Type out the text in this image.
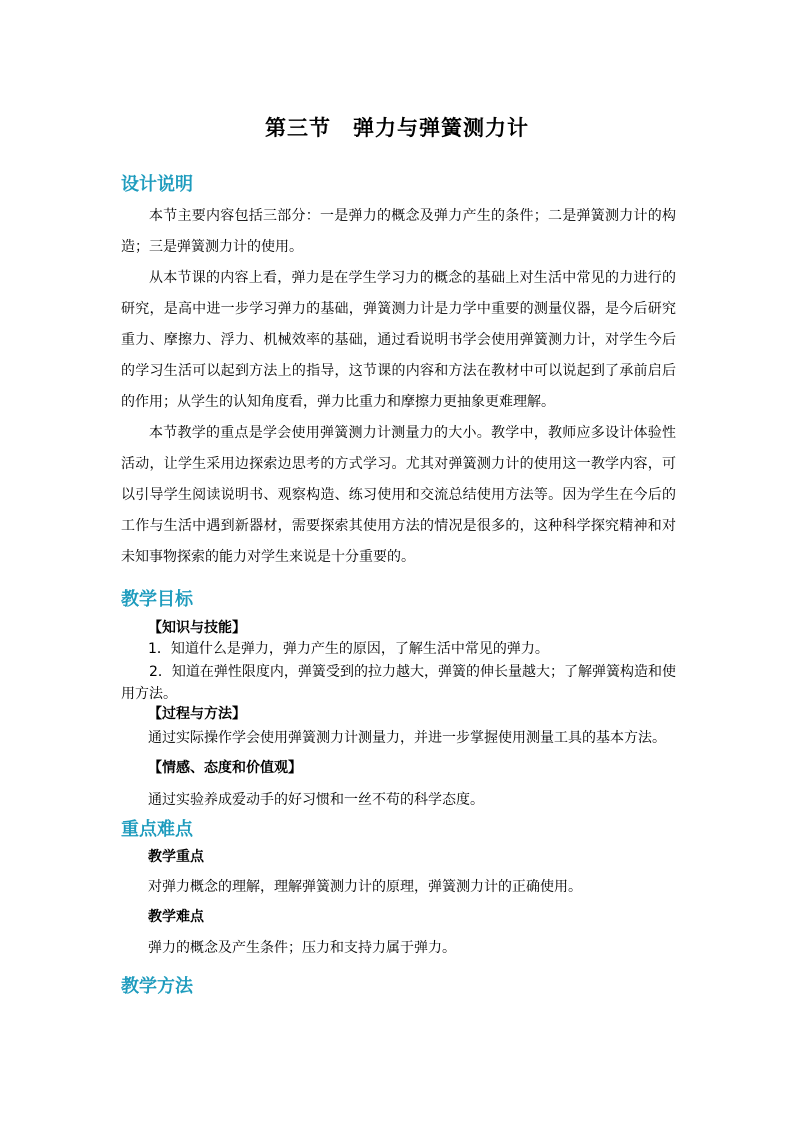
第三节　弹力与弹簧测力计
设计说明

本节主要内容包括三部分：一是弹力的概念及弹力产生的条件；二是弹簧测力计的构造；三是弹簧测力计的使用。

从本节课的内容上看，弹力是在学生学习力的概念的基础上对生活中常见的力进行的研究，是高中进一步学习弹力的基础，弹簧测力计是力学中重要的测量仪器，是今后研究重力、摩擦力、浮力、机械效率的基础，通过看说明书学会使用弹簧测力计，对学生今后的学习生活可以起到方法上的指导，这节课的内容和方法在教材中可以说起到了承前启后的作用；从学生的认知角度看，弹力比重力和摩擦力更抽象更难理解。

本节教学的重点是学会使用弹簧测力计测量力的大小。教学中，教师应多设计体验性活动，让学生采用边探索边思考的方式学习。尤其对弹簧测力计的使用这一教学内容，可以引导学生阅读说明书、观察构造、练习使用和交流总结使用方法等。因为学生在今后的工作与生活中遇到新器材，需要探索其使用方法的情况是很多的，这种科学探究精神和对未知事物探索的能力对学生来说是十分重要的。

教学目标
【知识与技能】
1．知道什么是弹力，弹力产生的原因，了解生活中常见的弹力。

2．知道在弹性限度内，弹簧受到的拉力越大，弹簧的伸长量越大；了解弹簧构造和使用方法。

【过程与方法】
通过实际操作学会使用弹簧测力计测量力，并进一步掌握使用测量工具的基本方法。
【情感、态度和价值观】
通过实验养成爱动手的好习惯和一丝不苟的科学态度。
重点难点
教学重点
对弹力概念的理解，理解弹簧测力计的原理，弹簧测力计的正确使用。
教学难点
弹力的概念及产生条件；压力和支持力属于弹力。
教学方法
